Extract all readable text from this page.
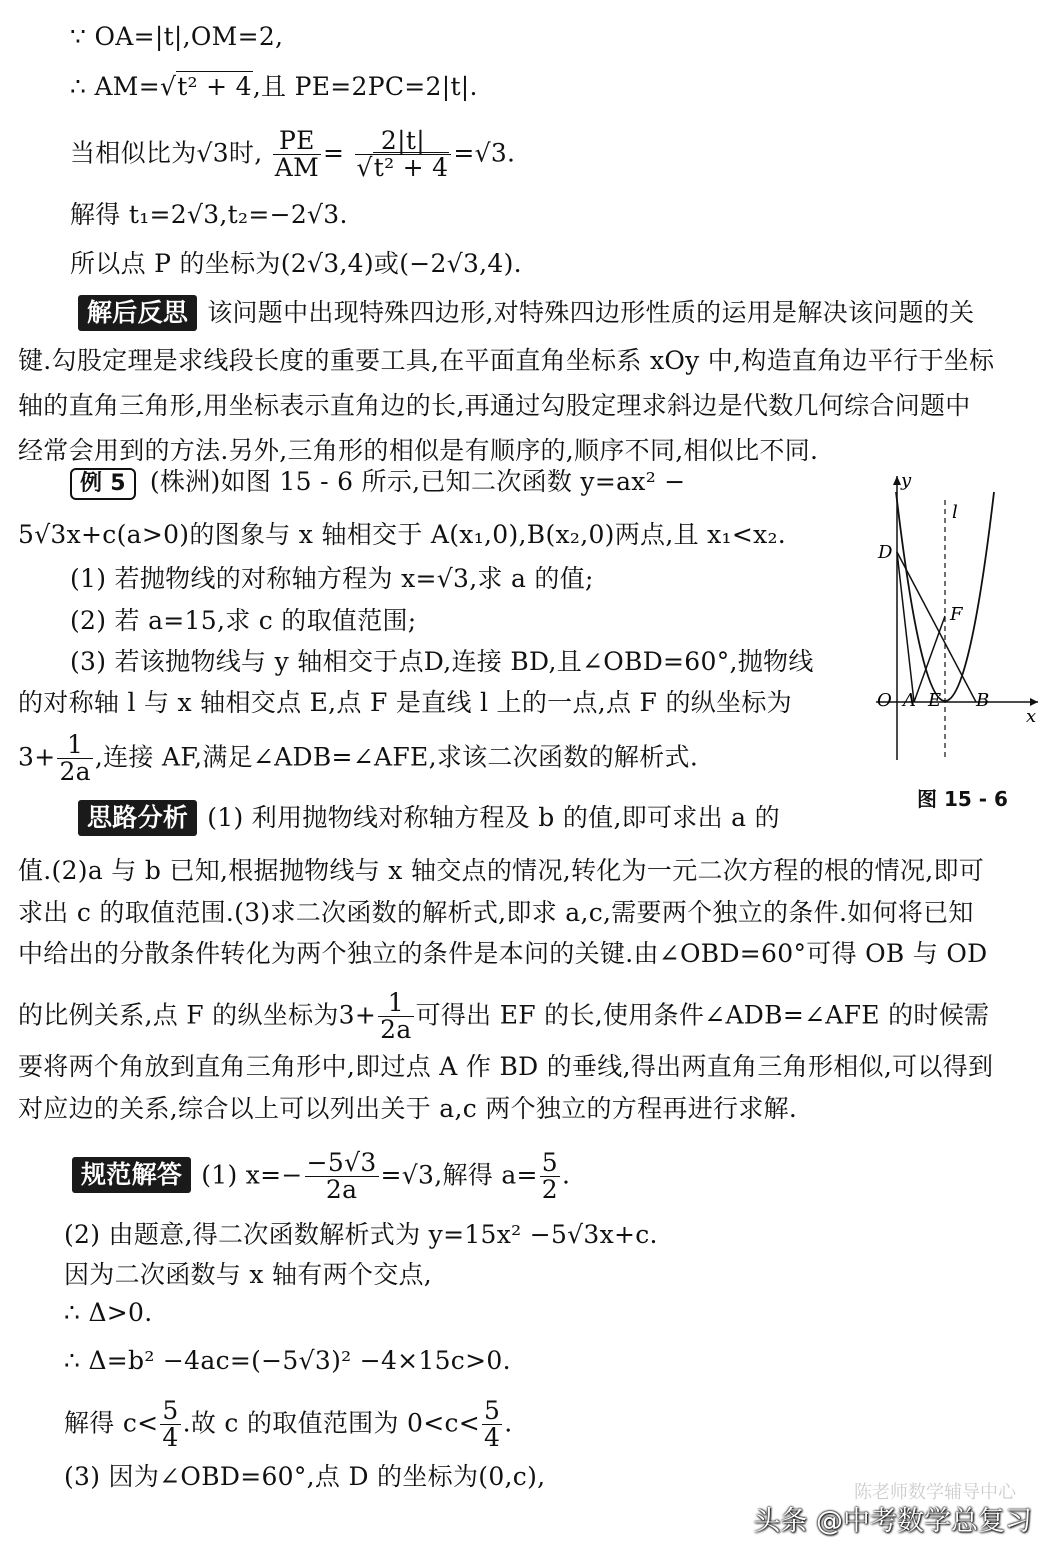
∵ OA=|t|,OM=2,
∴ AM=√t² + 4,且 PE=2PC=2|t|.
当相似比为√3时, $\frac{PE}{AM} = \frac{2|t|}{\text{√t² + 4}} =√3$.
解得 t₁=2√3,t₂=−2√3.
所以点 P 的坐标为(2√3,4)或(−2√3,4).
解后反思 该问题中出现特殊四边形,对特殊四边形性质的运用是解决该问题的关
键.勾股定理是求线段长度的重要工具,在平面直角坐标系 xOy 中,构造直角边平行于坐标
轴的直角三角形,用坐标表示直角边的长,再通过勾股定理求斜边是代数几何综合问题中
经常会用到的方法.另外,三角形的相似是有顺序的,顺序不同,相似比不同.
例 5 (株洲)如图 15 - 6 所示,已知二次函数 y=ax² −
5√3x+c(a>0)的图象与 x 轴相交于 A(x₁,0),B(x₂,0)两点,且 x₁<x₂.
(1) 若抛物线的对称轴方程为 x=√3,求 a 的值;
(2) 若 a=15,求 c 的取值范围;
(3) 若该抛物线与 y 轴相交于点D,连接 BD,且∠OBD=60°,抛物线
的对称轴 l 与 x 轴相交点 E,点 F 是直线 l 上的一点,点 F 的纵坐标为
$3+ \frac{1}{2a}$ ,连接 AF,满足∠ADB=∠AFE,求该二次函数的解析式.
y
x
l
D
F
O A E B
图 15 - 6
思路分析 (1) 利用抛物线对称轴方程及 b 的值,即可求出 a 的
值.(2)a 与 b 已知,根据抛物线与 x 轴交点的情况,转化为一元二次方程的根的情况,即可
求出 c 的取值范围.(3)求二次函数的解析式,即求 a,c,需要两个独立的条件.如何将已知
中给出的分散条件转化为两个独立的条件是本问的关键.由∠OBD=60°可得 OB 与 OD
的比例关系,点 F 的纵坐标为$3+ \frac{1}{2a}$ 可得出 EF 的长,使用条件∠ADB=∠AFE 的时候需
要将两个角放到直角三角形中,即过点 A 作 BD 的垂线,得出两直角三角形相似,可以得到
对应边的关系,综合以上可以列出关于 a,c 两个独立的方程再进行求解.
规范解答 (1) $x=- \frac{-5√3}{2a} =√3$,解得 $a= \frac{5}{2}$ .
(2) 由题意,得二次函数解析式为 y=15x² −5√3x+c.
因为二次函数与 x 轴有两个交点,
∴ Δ>0.
∴ Δ=b² −4ac=(−5√3)² −4×15c>0.
解得 $c< \frac{5}{4}$ .故 c 的取值范围为 $0<c< \frac{5}{4}$ .
(3) 因为∠OBD=60°,点 D 的坐标为(0,c),
陈老师数学辅导中心
头条 @中考数学总复习
